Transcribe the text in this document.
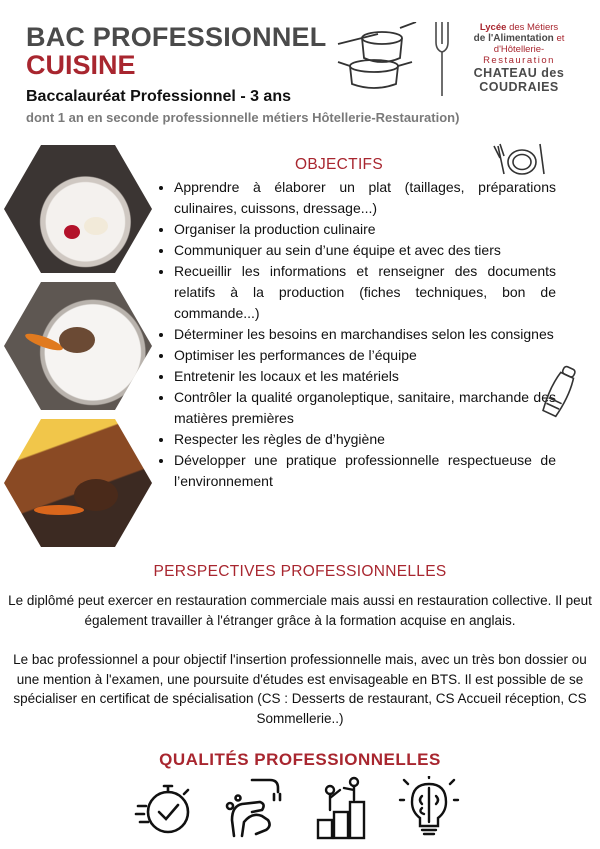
BAC PROFESSIONNEL
CUISINE
Baccalauréat Professionnel - 3 ans
dont 1 an en seconde professionnelle métiers Hôtellerie-Restauration)
Lycée des Métiers
de l'Alimentation et
d'Hôtellerie-
Restauration
CHATEAU des
COUDRAIES
OBJECTIFS
• Apprendre à élaborer un plat (taillages, préparations culinaires, cuissons, dressage...)
• Organiser la production culinaire
• Communiquer au sein d’une équipe et avec des tiers
• Recueillir les informations et renseigner des documents relatifs à la production (fiches techniques, bon de commande...)
• Déterminer les besoins en marchandises selon les consignes
• Optimiser les performances de l’équipe
• Entretenir les locaux et les matériels
• Contrôler la qualité organoleptique, sanitaire, marchande des matières premières
• Respecter les règles de d’hygiène
• Développer une pratique professionnelle respectueuse de l’environnement
PERSPECTIVES PROFESSIONNELLES
Le diplômé peut exercer en restauration commerciale mais aussi en restauration collective. Il peut également travailler à l'étranger grâce à la formation acquise en anglais.
Le bac professionnel a pour objectif l'insertion professionnelle mais, avec un très bon dossier ou une mention à l'examen, une poursuite d'études est envisageable en BTS. Il est possible de se spécialiser en certificat de spécialisation (CS : Desserts de restaurant, CS Accueil réception, CS Sommellerie..)
QUALITÉS PROFESSIONNELLES
